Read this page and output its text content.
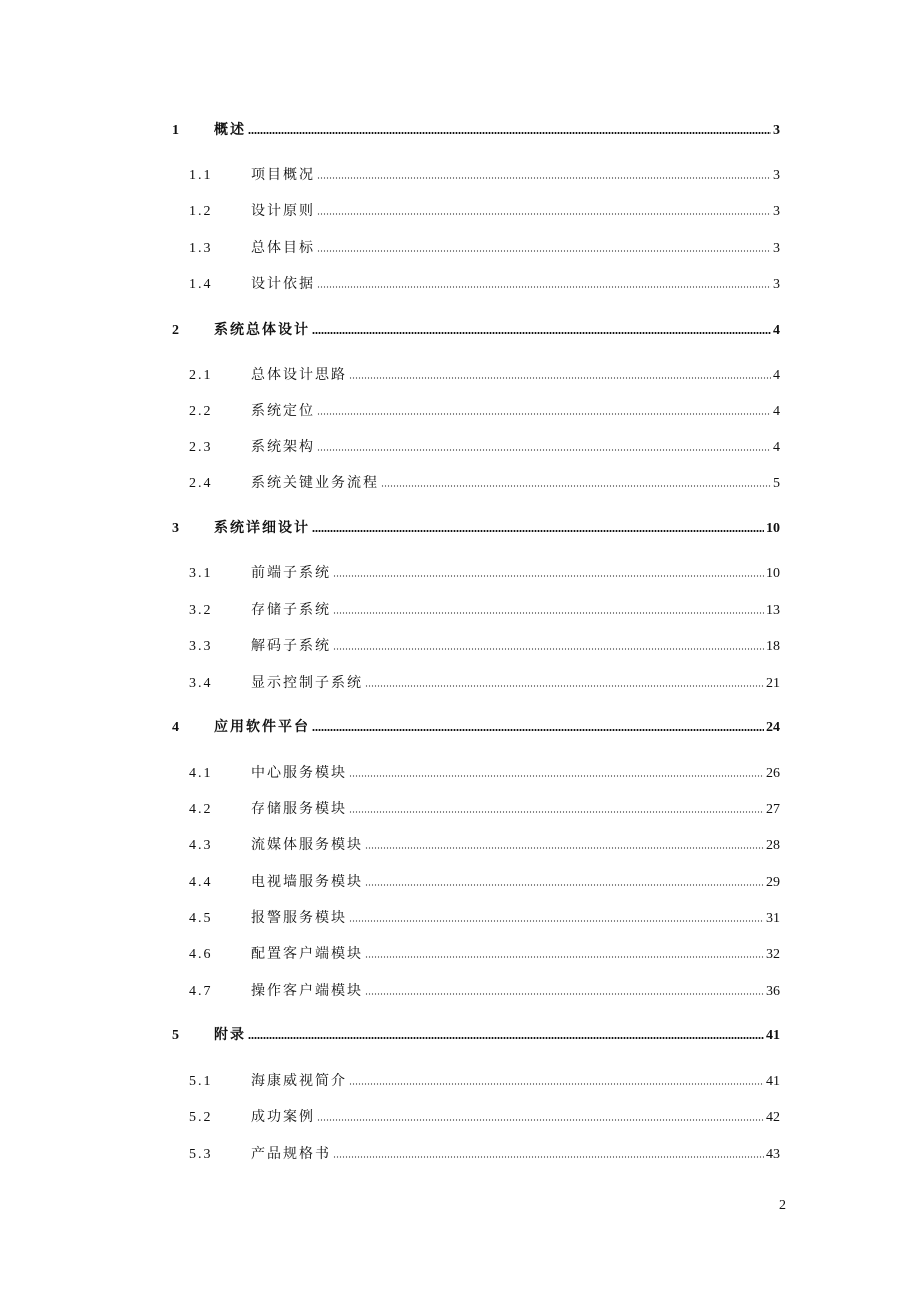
1	概述	3
1.1	项目概况	3
1.2	设计原则	3
1.3	总体目标	3
1.4	设计依据	3
2	系统总体设计	4
2.1	总体设计思路	4
2.2	系统定位	4
2.3	系统架构	4
2.4	系统关键业务流程	5
3	系统详细设计	10
3.1	前端子系统	10
3.2	存储子系统	13
3.3	解码子系统	18
3.4	显示控制子系统	21
4	应用软件平台	24
4.1	中心服务模块	26
4.2	存储服务模块	27
4.3	流媒体服务模块	28
4.4	电视墙服务模块	29
4.5	报警服务模块	31
4.6	配置客户端模块	32
4.7	操作客户端模块	36
5	附录	41
5.1	海康威视简介	41
5.2	成功案例	42
5.3	产品规格书	43
2
